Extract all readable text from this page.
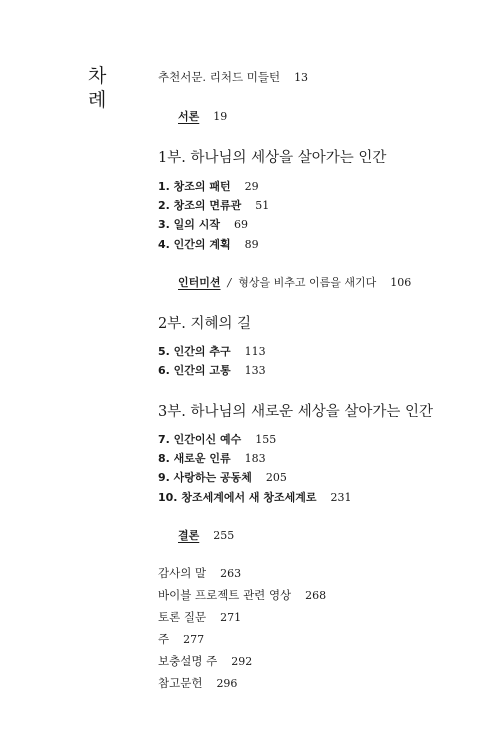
차
례
추천서문. 리처드 미들턴 13
서론 19
1부. 하나님의 세상을 살아가는 인간
1. 창조의 패턴 29
2. 창조의 면류관 51
3. 일의 시작 69
4. 인간의 계획 89
인터미션 / 형상을 비추고 이름을 새기다 106
2부. 지혜의 길
5. 인간의 추구 113
6. 인간의 고통 133
3부. 하나님의 새로운 세상을 살아가는 인간
7. 인간이신 예수 155
8. 새로운 인류 183
9. 사랑하는 공동체 205
10. 창조세계에서 새 창조세계로 231
결론 255
감사의 말 263
바이블 프로젝트 관련 영상 268
토론 질문 271
주 277
보충설명 주 292
참고문헌 296
